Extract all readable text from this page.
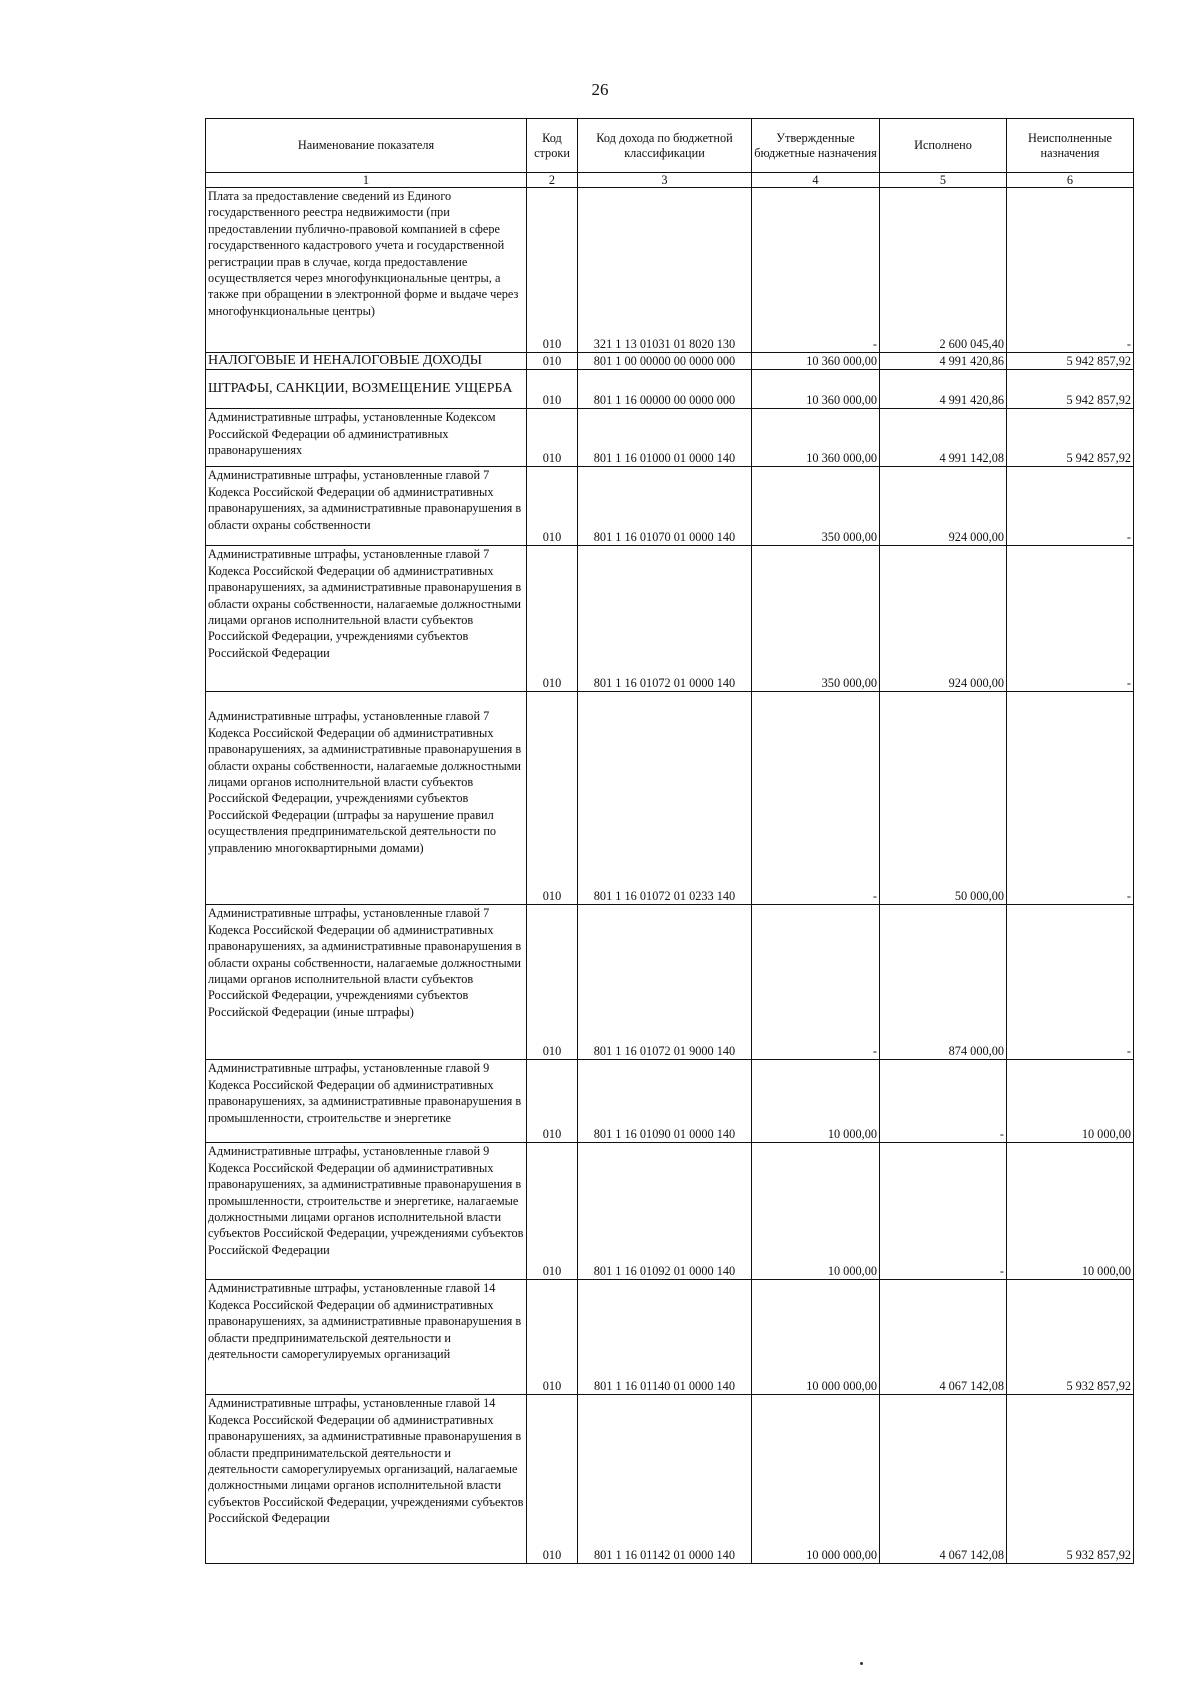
26
Наименование показателя	Код строки	Код дохода по бюджетной классификации	Утвержденные бюджетные назначения	Исполнено	Неисполненные назначения
1	2	3	4	5	6
Плата за предоставление сведений из Единого государственного реестра недвижимости (при предоставлении публично-правовой компанией в сфере государственного кадастрового учета и государственной регистрации прав в случае, когда предоставление осуществляется через многофункциональные центры, а также при обращении в электронной форме и выдаче через многофункциональные центры)	010	321 1 13 01031 01 8020 130	-	2 600 045,40	-
НАЛОГОВЫЕ И НЕНАЛОГОВЫЕ ДОХОДЫ	010	801 1 00 00000 00 0000 000	10 360 000,00	4 991 420,86	5 942 857,92
ШТРАФЫ, САНКЦИИ, ВОЗМЕЩЕНИЕ УЩЕРБА	010	801 1 16 00000 00 0000 000	10 360 000,00	4 991 420,86	5 942 857,92
Административные штрафы, установленные Кодексом Российской Федерации об административных правонарушениях	010	801 1 16 01000 01 0000 140	10 360 000,00	4 991 142,08	5 942 857,92
Административные штрафы, установленные главой 7 Кодекса Российской Федерации об административных правонарушениях, за административные правонарушения в области охраны собственности	010	801 1 16 01070 01 0000 140	350 000,00	924 000,00	-
Административные штрафы, установленные главой 7 Кодекса Российской Федерации об административных правонарушениях, за административные правонарушения в области охраны собственности, налагаемые должностными лицами органов исполнительной власти субъектов Российской Федерации, учреждениями субъектов Российской Федерации	010	801 1 16 01072 01 0000 140	350 000,00	924 000,00	-
Административные штрафы, установленные главой 7 Кодекса Российской Федерации об административных правонарушениях, за административные правонарушения в области охраны собственности, налагаемые должностными лицами органов исполнительной власти субъектов Российской Федерации, учреждениями субъектов Российской Федерации (штрафы за нарушение правил осуществления предпринимательской деятельности по управлению многоквартирными домами)	010	801 1 16 01072 01 0233 140	-	50 000,00	-
Административные штрафы, установленные главой 7 Кодекса Российской Федерации об административных правонарушениях, за административные правонарушения в области охраны собственности, налагаемые должностными лицами органов исполнительной власти субъектов Российской Федерации, учреждениями субъектов Российской Федерации (иные штрафы)	010	801 1 16 01072 01 9000 140	-	874 000,00	-
Административные штрафы, установленные главой 9 Кодекса Российской Федерации об административных правонарушениях, за административные правонарушения в промышленности, строительстве и энергетике	010	801 1 16 01090 01 0000 140	10 000,00	-	10 000,00
Административные штрафы, установленные главой 9 Кодекса Российской Федерации об административных правонарушениях, за административные правонарушения в промышленности, строительстве и энергетике, налагаемые должностными лицами органов исполнительной власти субъектов Российской Федерации, учреждениями субъектов Российской Федерации	010	801 1 16 01092 01 0000 140	10 000,00	-	10 000,00
Административные штрафы, установленные главой 14 Кодекса Российской Федерации об административных правонарушениях, за административные правонарушения в области предпринимательской деятельности и деятельности саморегулируемых организаций	010	801 1 16 01140 01 0000 140	10 000 000,00	4 067 142,08	5 932 857,92
Административные штрафы, установленные главой 14 Кодекса Российской Федерации об административных правонарушениях, за административные правонарушения в области предпринимательской деятельности и деятельности саморегулируемых организаций, налагаемые должностными лицами органов исполнительной власти субъектов Российской Федерации, учреждениями субъектов Российской Федерации	010	801 1 16 01142 01 0000 140	10 000 000,00	4 067 142,08	5 932 857,92
